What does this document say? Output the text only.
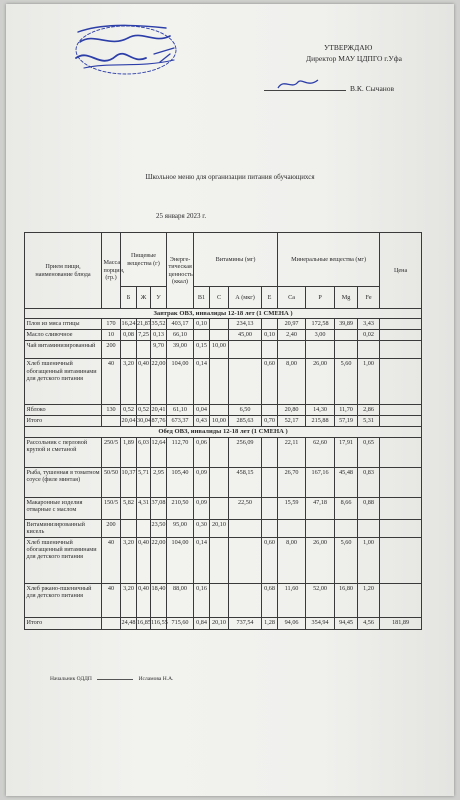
УТВЕРЖДАЮ
Директор МАУ ЦДПГО г.Уфа
В.К. Сычанов
Школьное меню для организации питания обучающихся
25 января 2023 г.
Прием пищи, наименование блюда	Масса порции, (гр.)	Пищевые вещества (г)			Энерге-тическая ценность (ккал)	Витамины (мг)				Минеральные вещества (мг)				Цена
		Б	Ж	У		В1	С	А (мкг)	Е	Са	Р	Mg	Fe	
Завтрак ОВЗ, инвалиды 12-18 лет (1 СМЕНА )														
Плов из мяса птицы	170	16,24	21,87	35,52	403,17	0,10		234,13		20,97	172,58	39,89	3,43	
Масло сливочное	10	0,08	7,25	0,13	66,10			45,00	0,10	2,40	3,00		0,02	
Чай витаминизированный	200			9,70	39,00	0,15	10,00							
Хлеб пшеничный обогащенный витаминами для детского питания	40	3,20	0,40	22,00	104,00	0,14			0,60	8,00	26,00	5,60	1,00	
Яблоко	130	0,52	0,52	20,41	61,10	0,04		6,50		20,80	14,30	11,70	2,86	
Итого		20,04	30,04	87,76	673,37	0,43	10,00	285,63	0,70	52,17	215,88	57,19	5,31	
Обед ОВЗ, инвалиды 12-18 лет (1 СМЕНА )														
Рассольник с перловой крупой и сметаной	250/5	1,89	6,03	12,64	112,70	0,06		256,09		22,11	62,60	17,91	0,65	
Рыба, тушенная в томатном соусе (филе минтая)	50/50	10,37	5,71	2,95	105,40	0,09		458,15		26,70	167,16	45,48	0,83	
Макаронные изделия отварные с маслом	150/5	5,82	4,31	37,08	210,50	0,09		22,50		15,59	47,18	8,66	0,88	
Витаминизированный кисель	200			23,50	95,00	0,30	20,10							
Хлеб пшеничный обогащенный витаминами для детского питания	40	3,20	0,40	22,00	104,00	0,14			0,60	8,00	26,00	5,60	1,00	
Хлеб ржано-пшеничный для детского питания	40	3,20	0,40	18,40	88,00	0,16			0,68	11,60	52,00	16,80	1,20	
Итого		24,48	16,85	116,55	715,60	0,84	20,10	737,54	1,28	94,06	354,94	94,45	4,56	181,89
Начальник ОДДП	Исламова Н.А.
